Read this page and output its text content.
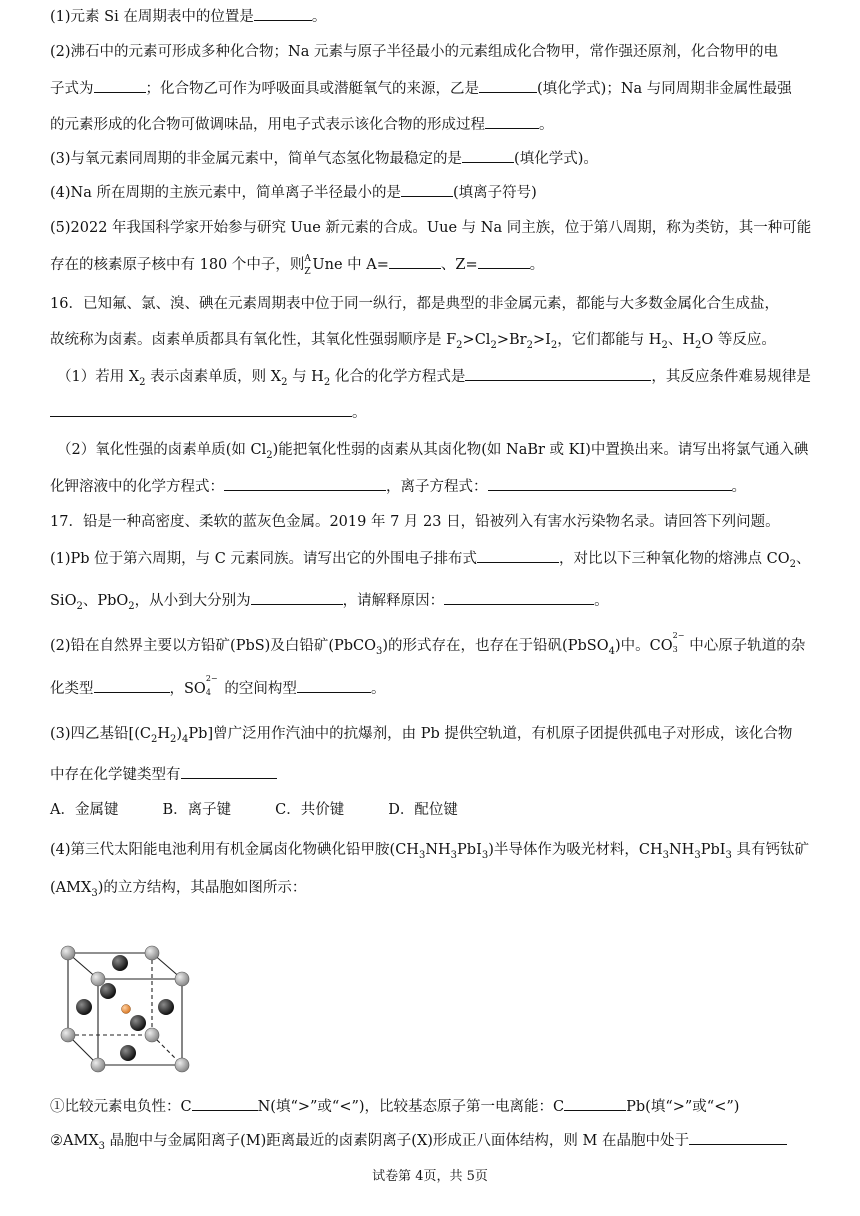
(1)元素 Si 在周期表中的位置是	。
(2)沸石中的元素可形成多种化合物；Na 元素与原子半径最小的元素组成化合物甲，常作强还原剂，化合物甲的电
子式为	；化合物乙可作为呼吸面具或潜艇氧气的来源，乙是	(填化学式)；Na 与同周期非金属性最强
的元素形成的化合物可做调味品，用电子式表示该化合物的形成过程	。
(3)与氧元素同周期的非金属元素中，简单气态氢化物最稳定的是	(填化学式)。
(4)Na 所在周期的主族元素中，简单离子半径最小的是	(填离子符号)
(5)2022 年我国科学家开始参与研究 Uue 新元素的合成。Uue 与 Na 同主族，位于第八周期，称为类钫，其一种可能
存在的核素原子核中有 180 个中子，则 A
Z Une 中 A=	、Z=	。
16．已知氟、氯、溴、碘在元素周期表中位于同一纵行，都是典型的非金属元素，都能与大多数金属化合生成盐，
故统称为卤素。卤素单质都具有氧化性，其氧化性强弱顺序是 $F_2>Cl_2>Br_2>I_2$，它们都能与 $H_2$、$H_2O$ 等反应。
（1）若用 $X_2$ 表示卤素单质，则 $X_2$ 与 $H_2$ 化合的化学方程式是	，其反应条件难易规律是
。
（2）氧化性强的卤素单质(如 $Cl_2$)能把氧化性弱的卤素从其卤化物(如 NaBr 或 KI)中置换出来。请写出将氯气通入碘
化钾溶液中的化学方程式：	，离子方程式：	。
17．铅是一种高密度、柔软的蓝灰色金属。2019 年 7 月 23 日，铅被列入有害水污染物名录。请回答下列问题。
(1)Pb 位于第六周期，与 C 元素同族。请写出它的外围电子排布式	，对比以下三种氧化物的熔沸点 $CO_2$、
SiO$_2$、PbO$_2$，从小到大分别为	，请解释原因：	。
(2)铅在自然界主要以方铅矿(PbS)及白铅矿(PbCO$_3$)的形式存在，也存在于铅矾(PbSO$_4$)中。CO
2−
3 中心原子轨道的杂
化类型	，SO
2−
4 的空间构型	。
(3)四乙基铅$[(C_2H_2)_4Pb]$曾广泛用作汽油中的抗爆剂，由 Pb 提供空轨道，有机原子团提供孤电子对形成，该化合物
中存在化学键类型有
A．金属键	B．离子键	C．共价键	D．配位键
(4)第三代太阳能电池利用有机金属卤化物碘化铅甲胺$(CH_3NH_3PbI_3)$半导体作为吸光材料，$CH_3NH_3PbI_3$ 具有钙钛矿
$(AMX_3)$的立方结构，其晶胞如图所示：
①比较元素电负性：C	N(填“>”或“<”)，比较基态原子第一电离能：C	Pb(填“>”或“<”)
$②AMX_3$ 晶胞中与金属阳离子(M)距离最近的卤素阴离子(X)形成正八面体结构，则 M 在晶胞中处于
试卷第 4页，共 5页
